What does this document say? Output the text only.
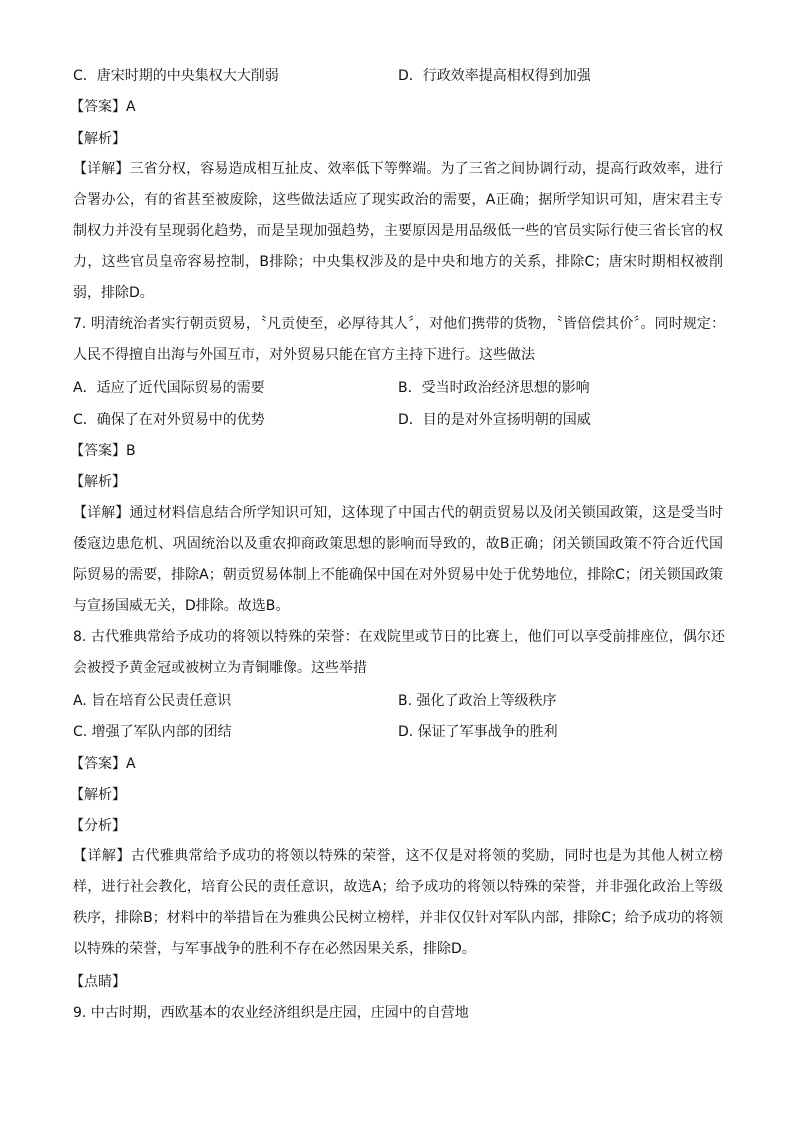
C．唐宋时期的中央集权大大削弱	D．行政效率提高相权得到加强
【答案】A
【解析】
【详解】三省分权，容易造成相互扯皮、效率低下等弊端。为了三省之间协调行动，提高行政效率，进行合署办公，有的省甚至被废除，这些做法适应了现实政治的需要，A正确；据所学知识可知，唐宋君主专制权力并没有呈现弱化趋势，而是呈现加强趋势，主要原因是用品级低一些的官员实际行使三省长官的权力，这些官员皇帝容易控制，B排除；中央集权涉及的是中央和地方的关系，排除C；唐宋时期相权被削弱，排除D。
7. 明清统治者实行朝贡贸易，〝凡贡使至，必厚待其人〞，对他们携带的货物，〝皆倍偿其价〞。同时规定：人民不得擅自出海与外国互市，对外贸易只能在官方主持下进行。这些做法
A．适应了近代国际贸易的需要	B．受当时政治经济思想的影响
C．确保了在对外贸易中的优势	D．目的是对外宣扬明朝的国威
【答案】B
【解析】
【详解】通过材料信息结合所学知识可知，这体现了中国古代的朝贡贸易以及闭关锁国政策，这是受当时倭寇边患危机、巩固统治以及重农抑商政策思想的影响而导致的，故B正确；闭关锁国政策不符合近代国际贸易的需要，排除A；朝贡贸易体制上不能确保中国在对外贸易中处于优势地位，排除C；闭关锁国政策与宣扬国威无关，D排除。故选B。
8. 古代雅典常给予成功的将领以特殊的荣誉：在戏院里或节日的比赛上，他们可以享受前排座位，偶尔还会被授予黄金冠或被树立为青铜雕像。这些举措
A. 旨在培育公民责任意识	B. 强化了政治上等级秩序
C. 增强了军队内部的团结	D. 保证了军事战争的胜利
【答案】A
【解析】
【分析】
【详解】古代雅典常给予成功的将领以特殊的荣誉，这不仅是对将领的奖励，同时也是为其他人树立榜样，进行社会教化，培育公民的责任意识，故选A；给予成功的将领以特殊的荣誉，并非强化政治上等级秩序，排除B；材料中的举措旨在为雅典公民树立榜样，并非仅仅针对军队内部，排除C；给予成功的将领以特殊的荣誉，与军事战争的胜利不存在必然因果关系，排除D。
【点睛】
9. 中古时期，西欧基本的农业经济组织是庄园，庄园中的自营地
